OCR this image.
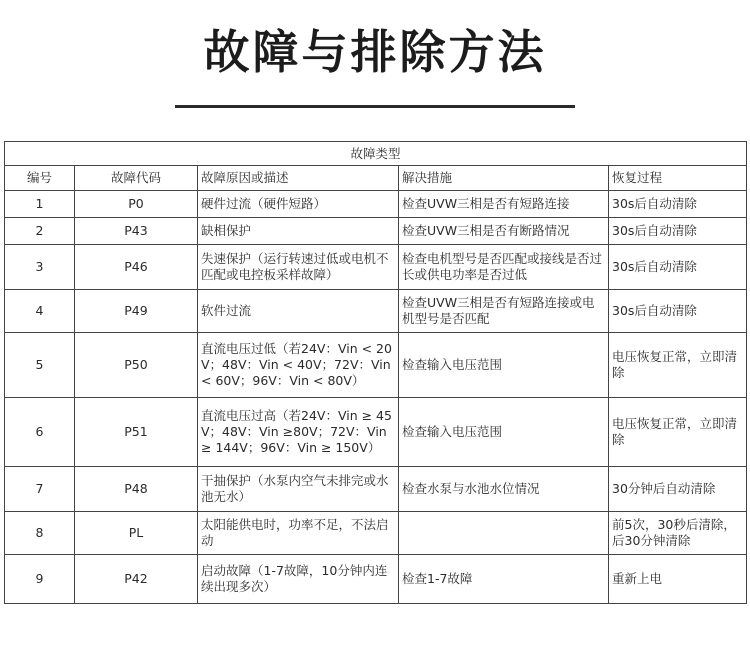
故障与排除方法
故障类型				
编号	故障代码	故障原因或描述	解决措施	恢复过程
1	P0	硬件过流（硬件短路）	检查UVW三相是否有短路连接	30s后自动清除
2	P43	缺相保护	检查UVW三相是否有断路情况	30s后自动清除
3	P46	失速保护（运行转速过低或电机不匹配或电控板采样故障）	检查电机型号是否匹配或接线是否过长或供电功率是否过低	30s后自动清除
4	P49	软件过流	检查UVW三相是否有短路连接或电机型号是否匹配	30s后自动清除
5	P50	直流电压过低（若24V：Vin < 20V；48V：Vin < 40V；72V：Vin < 60V；96V：Vin < 80V）	检查输入电压范围	电压恢复正常，立即清除
6	P51	直流电压过高（若24V：Vin ≥ 45V；48V：Vin ≥80V；72V：Vin ≥ 144V；96V：Vin ≥ 150V）	检查输入电压范围	电压恢复正常，立即清除
7	P48	干抽保护（水泵内空气未排完或水池无水）	检查水泵与水池水位情况	30分钟后自动清除
8	PL	太阳能供电时，功率不足，不法启动		前5次，30秒后清除，后30分钟清除
9	P42	启动故障（1-7故障，10分钟内连续出现多次）	检查1-7故障	重新上电
